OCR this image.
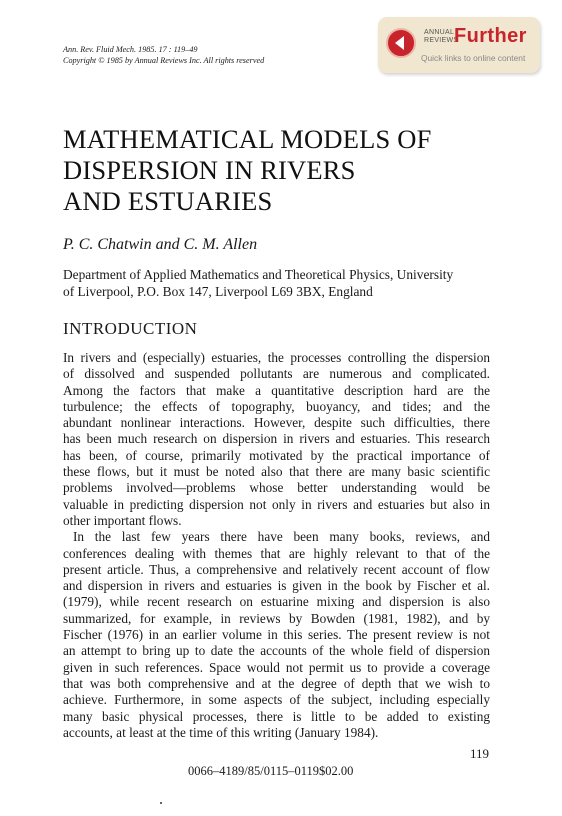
Ann. Rev. Fluid Mech. 1985. 17 : 119–49
Copyright © 1985 by Annual Reviews Inc. All rights reserved
ANNUAL
REVIEWS
Further
Quick links to online content
MATHEMATICAL MODELS OF
DISPERSION IN RIVERS
AND ESTUARIES
P. C. Chatwin and C. M. Allen
Department of Applied Mathematics and Theoretical Physics, University
of Liverpool, P.O. Box 147, Liverpool L69 3BX, England
INTRODUCTION
In rivers and (especially) estuaries, the processes controlling the dispersion
of dissolved and suspended pollutants are numerous and complicated.
Among the factors that make a quantitative description hard are the
turbulence; the effects of topography, buoyancy, and tides; and the
abundant nonlinear interactions. However, despite such difficulties, there
has been much research on dispersion in rivers and estuaries. This research
has been, of course, primarily motivated by the practical importance of
these flows, but it must be noted also that there are many basic scientific
problems involved—problems whose better understanding would be
valuable in predicting dispersion not only in rivers and estuaries but also in
other important flows.
In the last few years there have been many books, reviews, and
conferences dealing with themes that are highly relevant to that of the
present article. Thus, a comprehensive and relatively recent account of flow
and dispersion in rivers and estuaries is given in the book by Fischer et al.
(1979), while recent research on estuarine mixing and dispersion is also
summarized, for example, in reviews by Bowden (1981, 1982), and by
Fischer (1976) in an earlier volume in this series. The present review is not
an attempt to bring up to date the accounts of the whole field of dispersion
given in such references. Space would not permit us to provide a coverage
that was both comprehensive and at the degree of depth that we wish to
achieve. Furthermore, in some aspects of the subject, including especially
many basic physical processes, there is little to be added to existing
accounts, at least at the time of this writing (January 1984).
119
0066–4189/85/0115–0119$02.00
